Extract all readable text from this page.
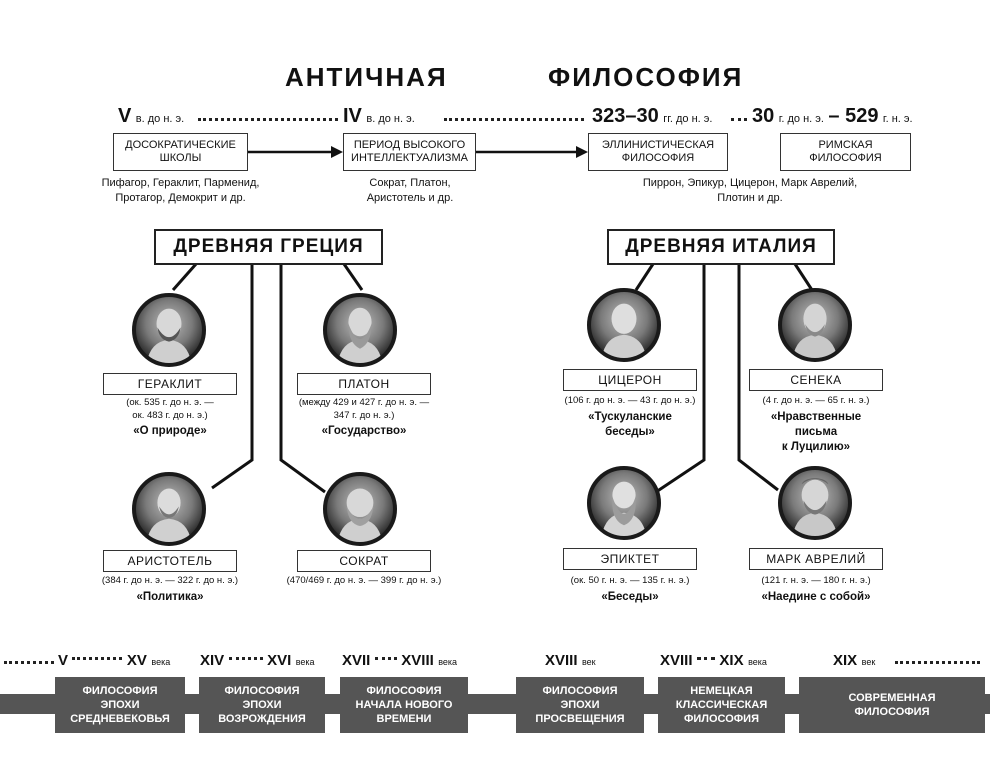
АНТИЧНАЯ	ФИЛОСОФИЯ
V в. до н. э.	IV в. до н. э.	323–30 гг. до н. э. 30 г. до н. э. – 529 г. н. э.
ДОСОКРАТИЧЕСКИЕ ШКОЛЫ
ПЕРИОД ВЫСОКОГО ИНТЕЛЛЕКТУАЛИЗМА
ЭЛЛИНИСТИЧЕСКАЯ ФИЛОСОФИЯ
РИМСКАЯ ФИЛОСОФИЯ
Пифагор, Гераклит, Парменид,
Протагор, Демокрит и др.
Сократ, Платон,
Аристотель и др.
Пиррон, Эпикур, Цицерон, Марк Аврелий,
Плотин и др.
ДРЕВНЯЯ ГРЕЦИЯ	ДРЕВНЯЯ ИТАЛИЯ
ГЕРАКЛИТ
(ок. 535 г. до н. э. —
ок. 483 г. до н. э.)
«О природе»
ПЛАТОН
(между 429 и 427 г. до н. э. —
347 г. до н. э.)
«Государство»
АРИСТОТЕЛЬ
(384 г. до н. э. — 322 г. до н. э.)
«Политика»
СОКРАТ
(470/469 г. до н. э. — 399 г. до н. э.)
ЦИЦЕРОН
(106 г. до н. э. — 43 г. до н. э.)
«Тускуланские
беседы»
СЕНЕКА
(4 г. до н. э. — 65 г. н. э.)
«Нравственные
письма
к Луцилию»
ЭПИКТЕТ
(ок. 50 г. н. э. — 135 г. н. э.)
«Беседы»
МАРК АВРЕЛИЙ
(121 г. н. э. — 180 г. н. э.)
«Наедине с собой»
V	XV века XIV	XVI века XVII XVIII века	XVIII век	XVIII XIX века	XIX век
ФИЛОСОФИЯ
ЭПОХИ
СРЕДНЕВЕКОВЬЯ
ФИЛОСОФИЯ
ЭПОХИ
ВОЗРОЖДЕНИЯ
ФИЛОСОФИЯ
НАЧАЛА НОВОГО
ВРЕМЕНИ
ФИЛОСОФИЯ
ЭПОХИ
ПРОСВЕЩЕНИЯ
НЕМЕЦКАЯ
КЛАССИЧЕСКАЯ
ФИЛОСОФИЯ
СОВРЕМЕННАЯ
ФИЛОСОФИЯ
